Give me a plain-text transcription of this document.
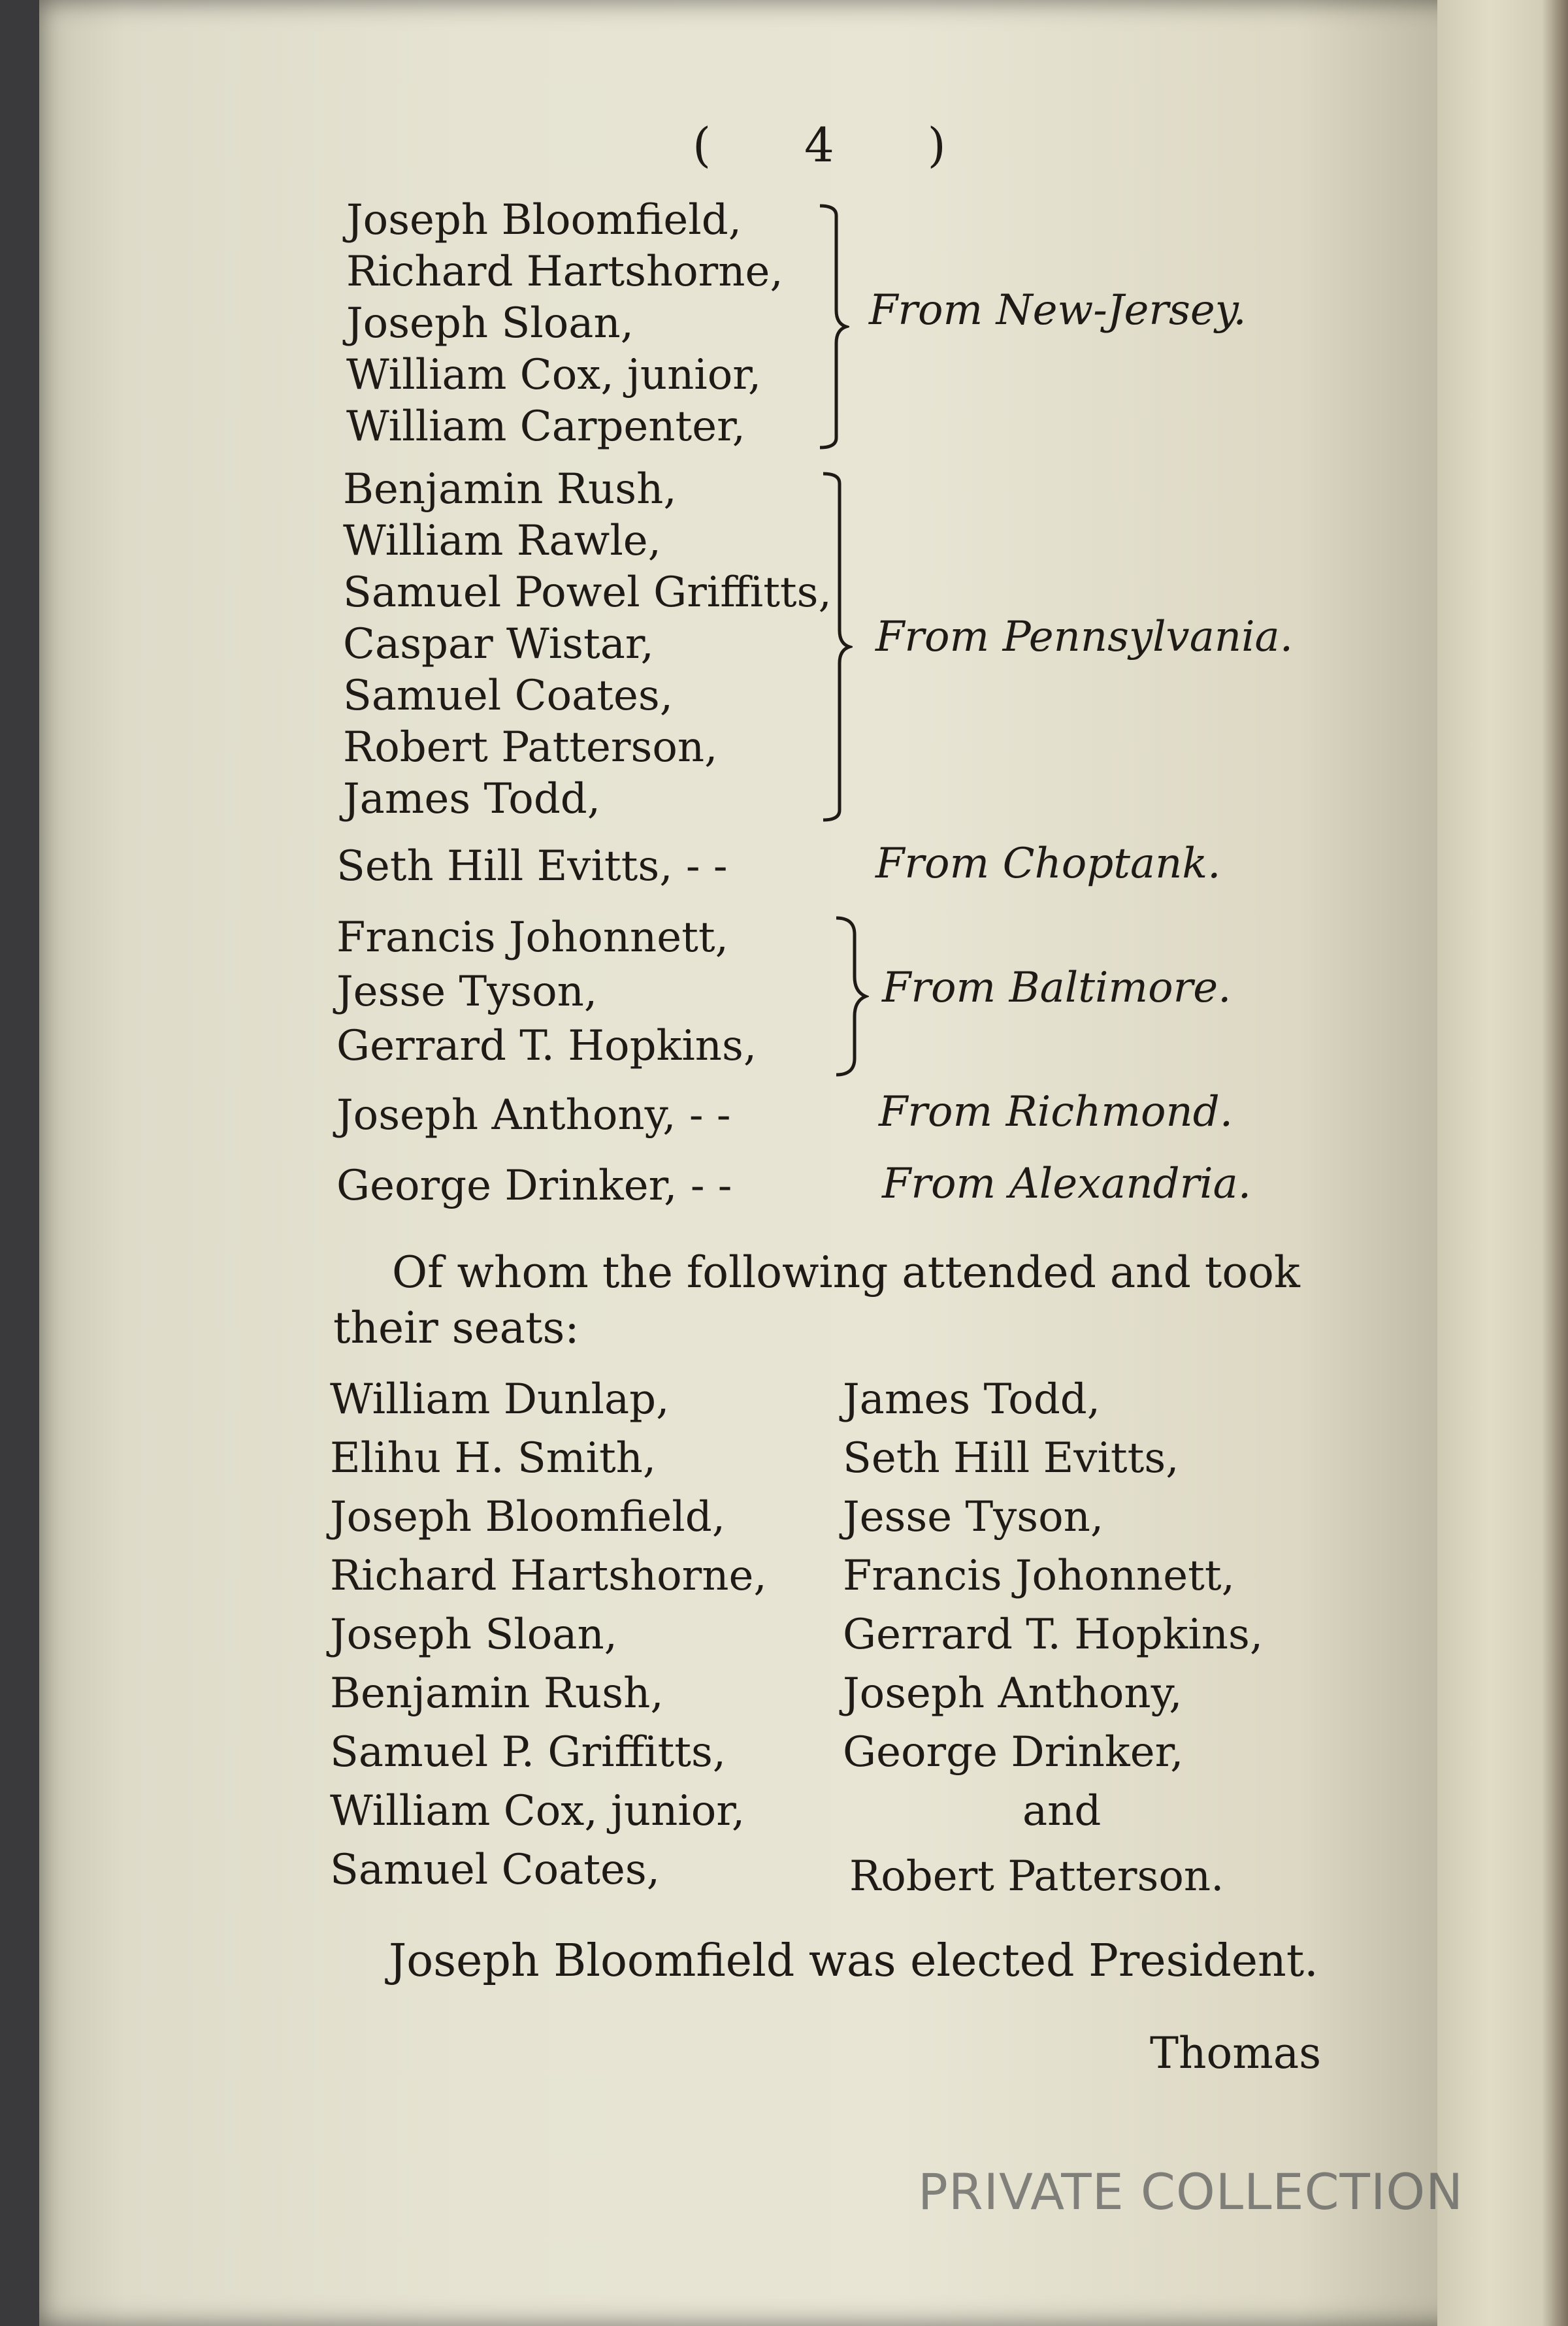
( 4 )
Joseph Bloomfield,
Richard Hartshorne,
Joseph Sloan,
William Cox, junior,
William Carpenter,
From New-Jersey.
Benjamin Rush,
William Rawle,
Samuel Powel Griffitts,
Caspar Wistar,
Samuel Coates,
Robert Patterson,
James Todd,
From Pennsylvania.
Seth Hill Evitts, - -	From Choptank.
Francis Johonnett,
Jesse Tyson,
Gerrard T. Hopkins,
From Baltimore.
Joseph Anthony, - -	From Richmond.
George Drinker, - -	From Alexandria.
Of whom the following attended and took
their seats:
William Dunlap,
Elihu H. Smith,
Joseph Bloomfield,
Richard Hartshorne,
Joseph Sloan,
Benjamin Rush,
Samuel P. Griffitts,
William Cox, junior,
Samuel Coates,
James Todd,
Seth Hill Evitts,
Jesse Tyson,
Francis Johonnett,
Gerrard T. Hopkins,
Joseph Anthony,
George Drinker,
and
Robert Patterson.
Joseph Bloomfield was elected President.
Thomas
PRIVATE COLLECTION
